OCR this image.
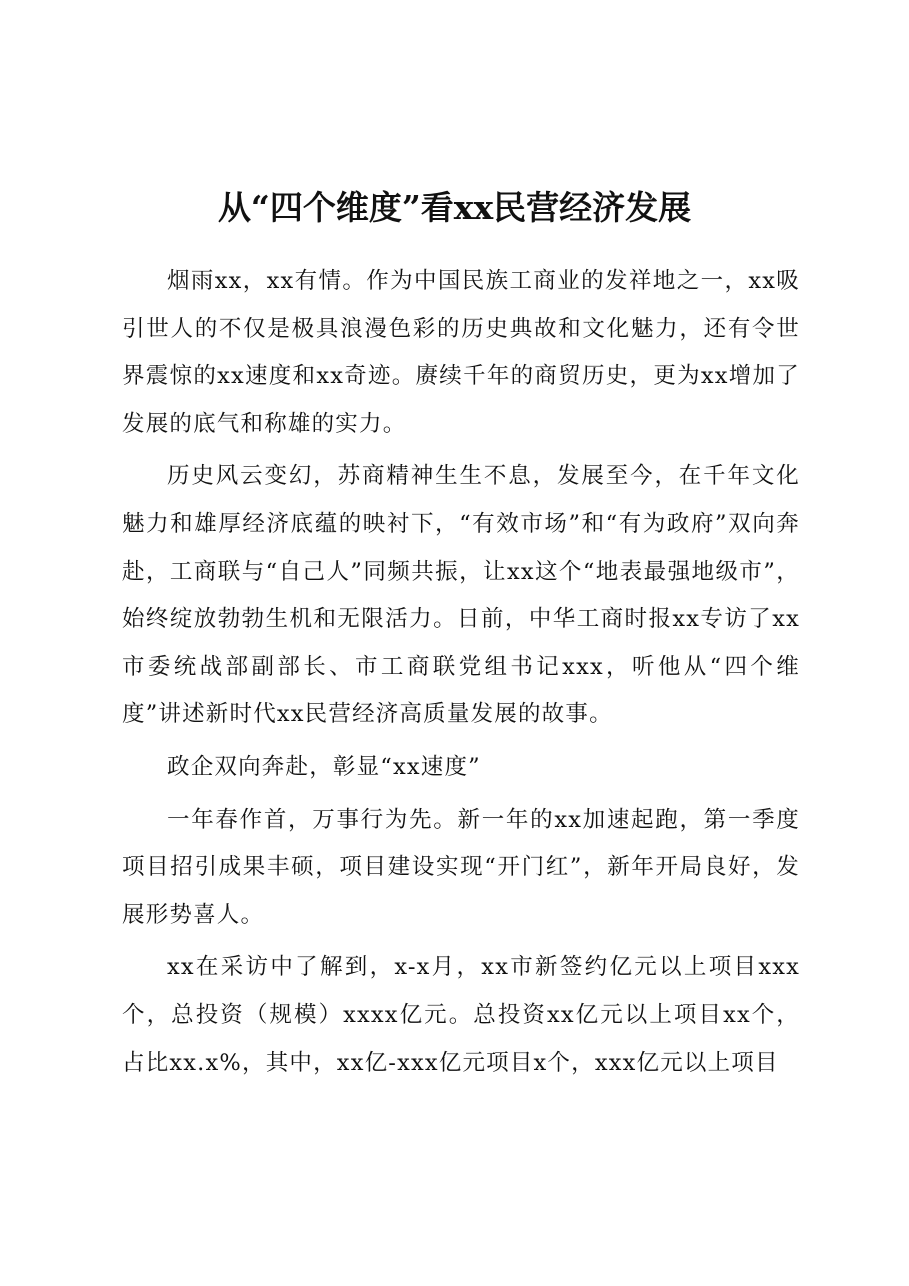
从“四个维度”看xx民营经济发展

烟雨xx，xx有情。作为中国民族工商业的发祥地之一，xx吸引世人的不仅是极具浪漫色彩的历史典故和文化魅力，还有令世界震惊的xx速度和xx奇迹。赓续千年的商贸历史，更为xx增加了发展的底气和称雄的实力。

历史风云变幻，苏商精神生生不息，发展至今，在千年文化魅力和雄厚经济底蕴的映衬下，“有效市场”和“有为政府”双向奔赴，工商联与“自己人”同频共振，让xx这个“地表最强地级市”，始终绽放勃勃生机和无限活力。日前，中华工商时报xx专访了xx市委统战部副部长、市工商联党组书记xxx，听他从“四个维度”讲述新时代xx民营经济高质量发展的故事。

政企双向奔赴，彰显“xx速度”

一年春作首，万事行为先。新一年的xx加速起跑，第一季度项目招引成果丰硕，项目建设实现“开门红”，新年开局良好，发展形势喜人。

xx在采访中了解到，x-x月，xx市新签约亿元以上项目xxx个，总投资（规模）xxxx亿元。总投资xx亿元以上项目xx个，占比xx.x%，其中，xx亿-xxx亿元项目x个，xxx亿元以上项目
